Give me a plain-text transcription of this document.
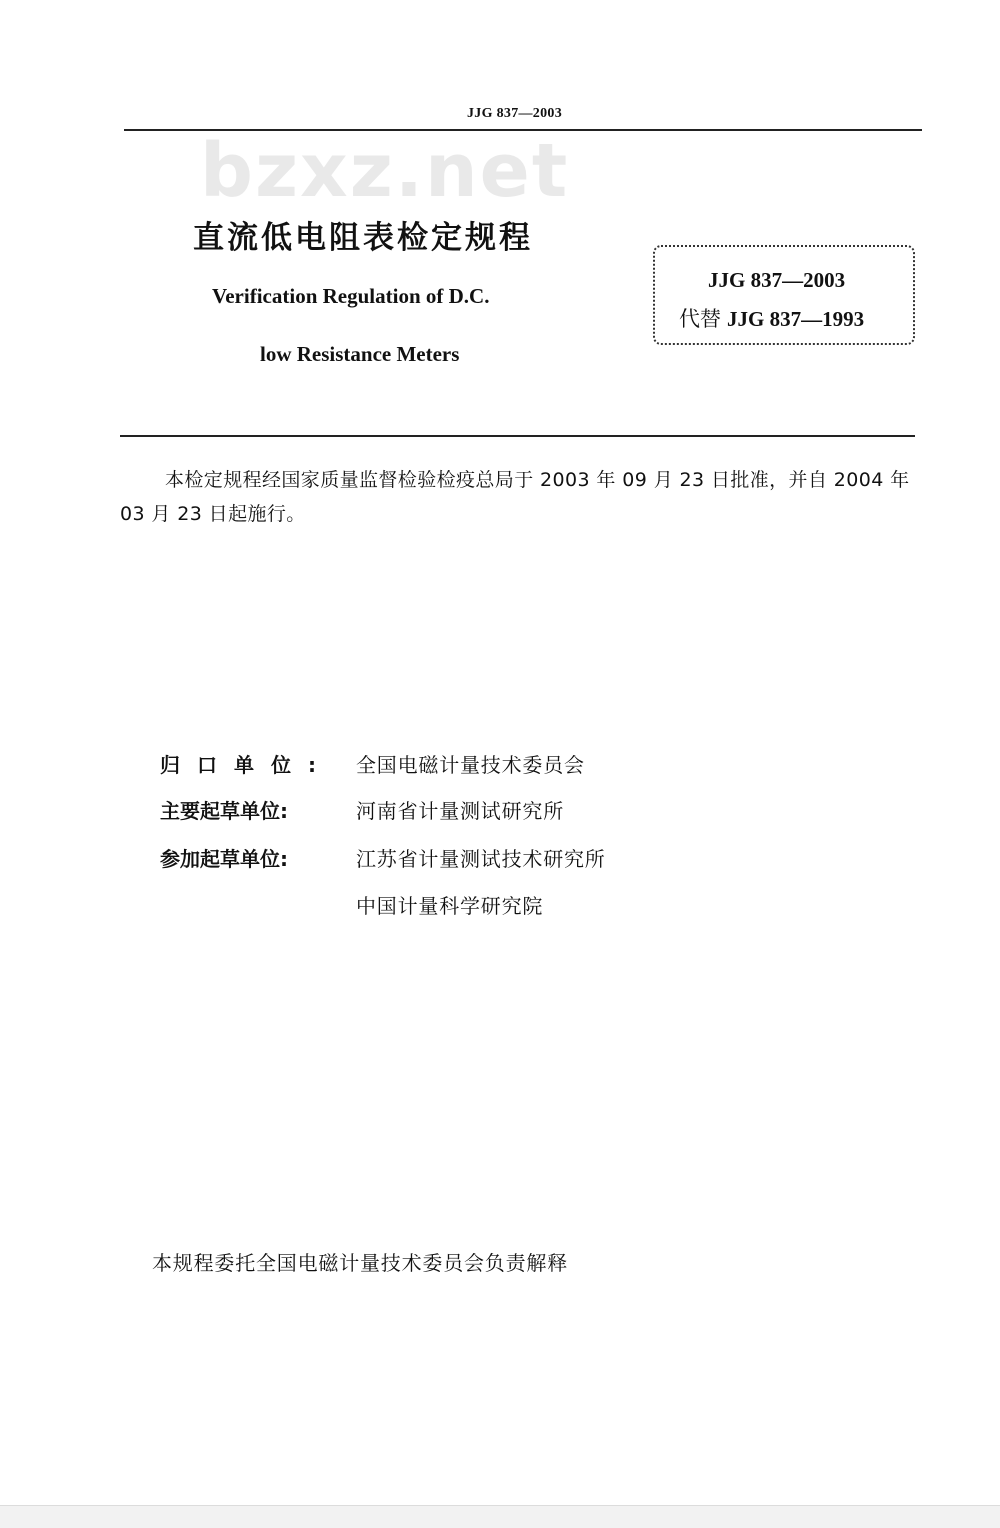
JJG 837—2003
bzxz.net
直流低电阻表检定规程
Verification Regulation of D.C.
low Resistance Meters
JJG 837—2003
代替 JJG 837—1993
本检定规程经国家质量监督检验检疫总局于 2003 年 09 月 23 日批准，并自 2004 年 03 月 23 日起施行。
归口单位: 全国电磁计量技术委员会
主要起草单位:	河南省计量测试研究所
参加起草单位:	江苏省计量测试技术研究所
中国计量科学研究院
本规程委托全国电磁计量技术委员会负责解释
